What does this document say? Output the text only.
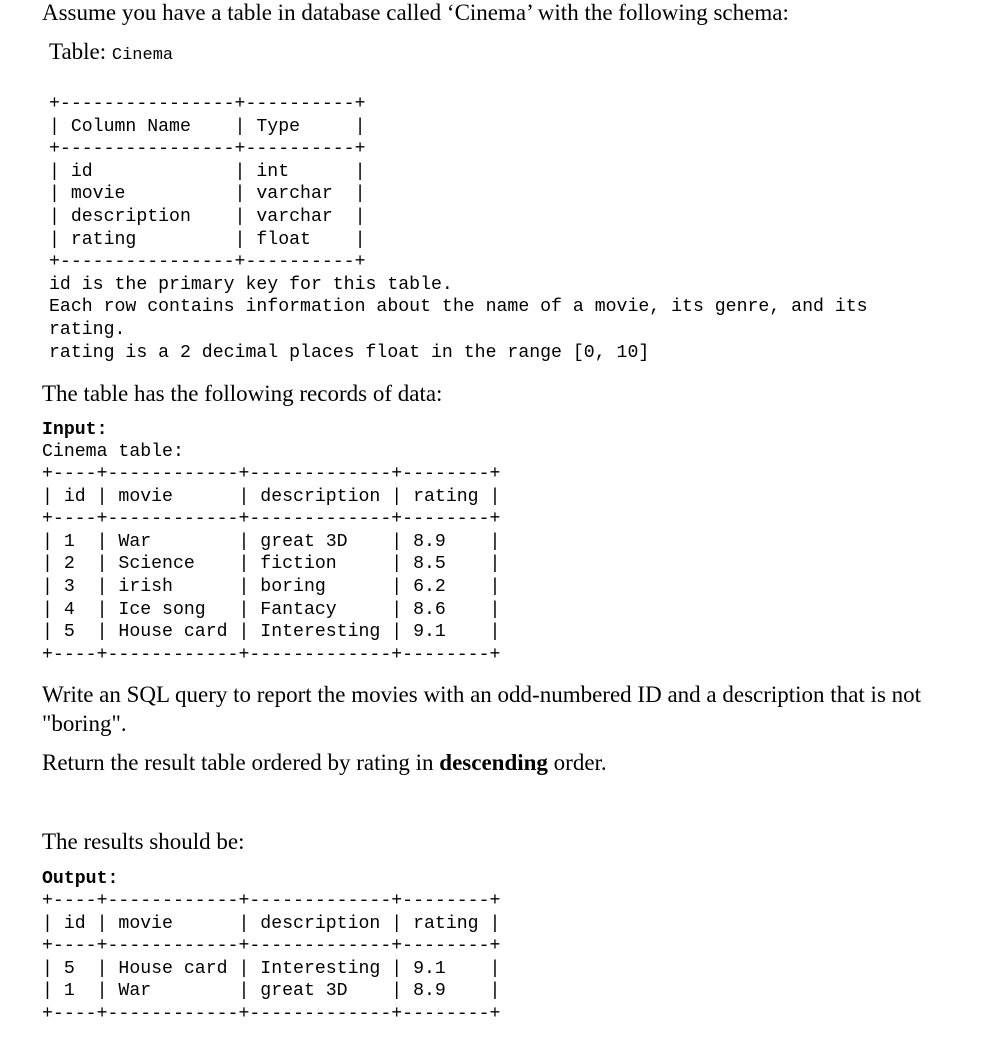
Assume you have a table in database called ‘Cinema’ with the following schema:
Table: Cinema
+----------------+----------+
| Column Name    | Type     |
+----------------+----------+
| id             | int      |
| movie          | varchar  |
| description    | varchar  |
| rating         | float    |
+----------------+----------+
id is the primary key for this table.
Each row contains information about the name of a movie, its genre, and its
rating.
rating is a 2 decimal places float in the range [0, 10]
The table has the following records of data:
Input:
Cinema table:
+----+------------+-------------+--------+
| id | movie      | description | rating |
+----+------------+-------------+--------+
| 1  | War        | great 3D    | 8.9    |
| 2  | Science    | fiction     | 8.5    |
| 3  | irish      | boring      | 6.2    |
| 4  | Ice song   | Fantacy     | 8.6    |
| 5  | House card | Interesting | 9.1    |
+----+------------+-------------+--------+
Write an SQL query to report the movies with an odd-numbered ID and a description that is not
"boring".
Return the result table ordered by rating in descending order.
The results should be:
Output:
+----+------------+-------------+--------+
| id | movie      | description | rating |
+----+------------+-------------+--------+
| 5  | House card | Interesting | 9.1    |
| 1  | War        | great 3D    | 8.9    |
+----+------------+-------------+--------+
